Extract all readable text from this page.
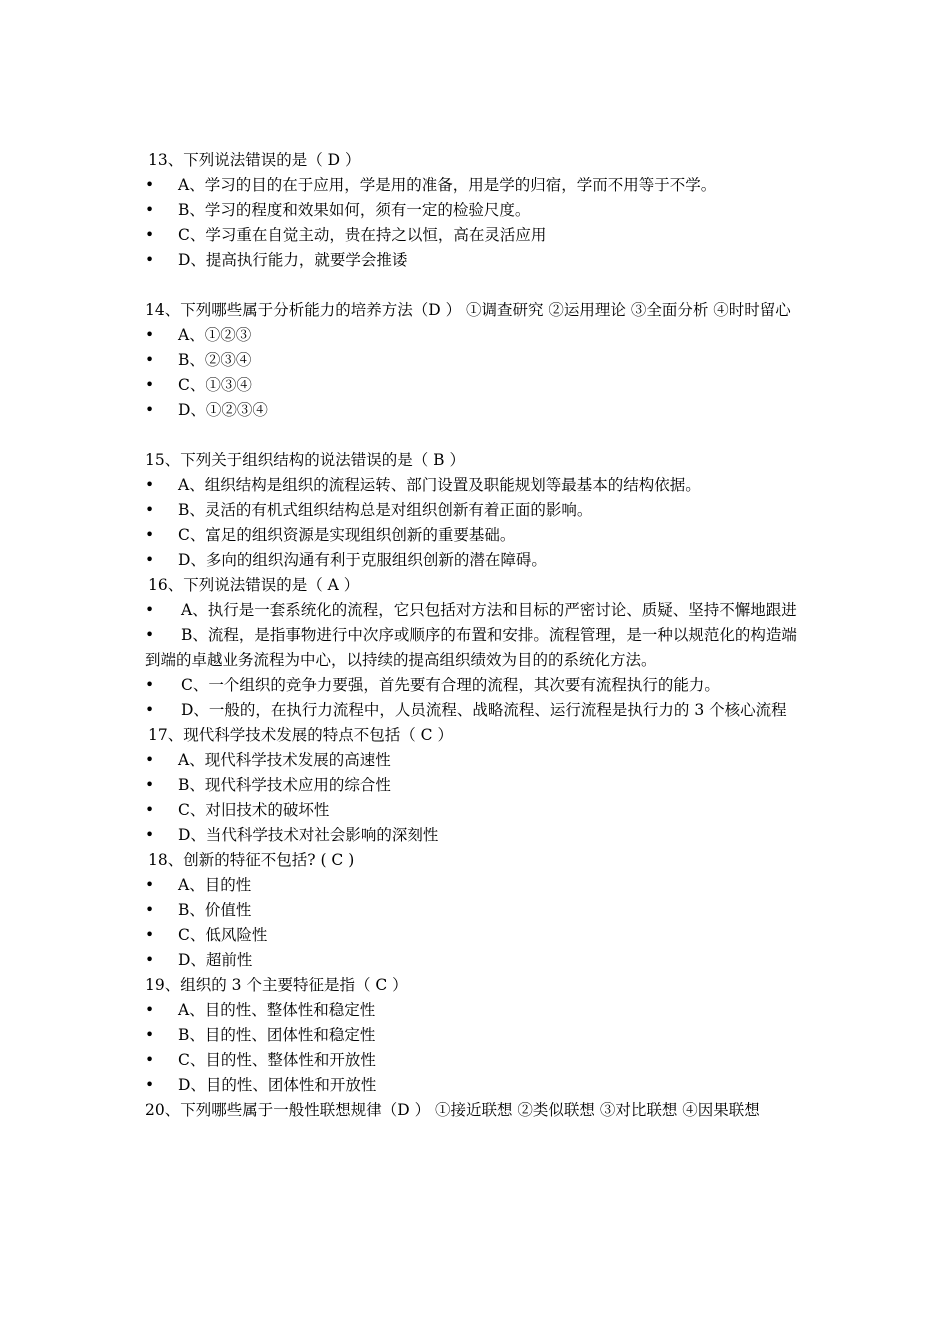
13、下列说法错误的是（ D ）

• A、学习的目的在于应用，学是用的准备，用是学的归宿，学而不用等于不学。

• B、学习的程度和效果如何，须有一定的检验尺度。

• C、学习重在自觉主动，贵在持之以恒，高在灵活应用

• D、提高执行能力，就要学会推诿

14、下列哪些属于分析能力的培养方法（D ） ①调查研究 ②运用理论 ③全面分析 ④时时留心

• A、①②③

• B、②③④

• C、①③④

• D、①②③④

15、下列关于组织结构的说法错误的是（ B ）

• A、组织结构是组织的流程运转、部门设置及职能规划等最基本的结构依据。

• B、灵活的有机式组织结构总是对组织创新有着正面的影响。

• C、富足的组织资源是实现组织创新的重要基础。

• D、多向的组织沟通有利于克服组织创新的潜在障碍。

16、下列说法错误的是（ A ）

• A、执行是一套系统化的流程，它只包括对方法和目标的严密讨论、质疑、坚持不懈地跟进

• B、流程，是指事物进行中次序或顺序的布置和安排。流程管理，是一种以规范化的构造端到端的卓越业务流程为中心，以持续的提高组织绩效为目的的系统化方法。

• C、一个组织的竞争力要强，首先要有合理的流程，其次要有流程执行的能力。

• D、一般的，在执行力流程中，人员流程、战略流程、运行流程是执行力的 3 个核心流程

17、现代科学技术发展的特点不包括（ C ）

• A、现代科学技术发展的高速性

• B、现代科学技术应用的综合性

• C、对旧技术的破坏性

• D、当代科学技术对社会影响的深刻性

18、创新的特征不包括? ( C )

• A、目的性

• B、价值性

• C、低风险性

• D、超前性

19、组织的 3 个主要特征是指（ C ）

• A、目的性、整体性和稳定性

• B、目的性、团体性和稳定性

• C、目的性、整体性和开放性

• D、目的性、团体性和开放性

20、下列哪些属于一般性联想规律（D ） ①接近联想 ②类似联想 ③对比联想 ④因果联想
